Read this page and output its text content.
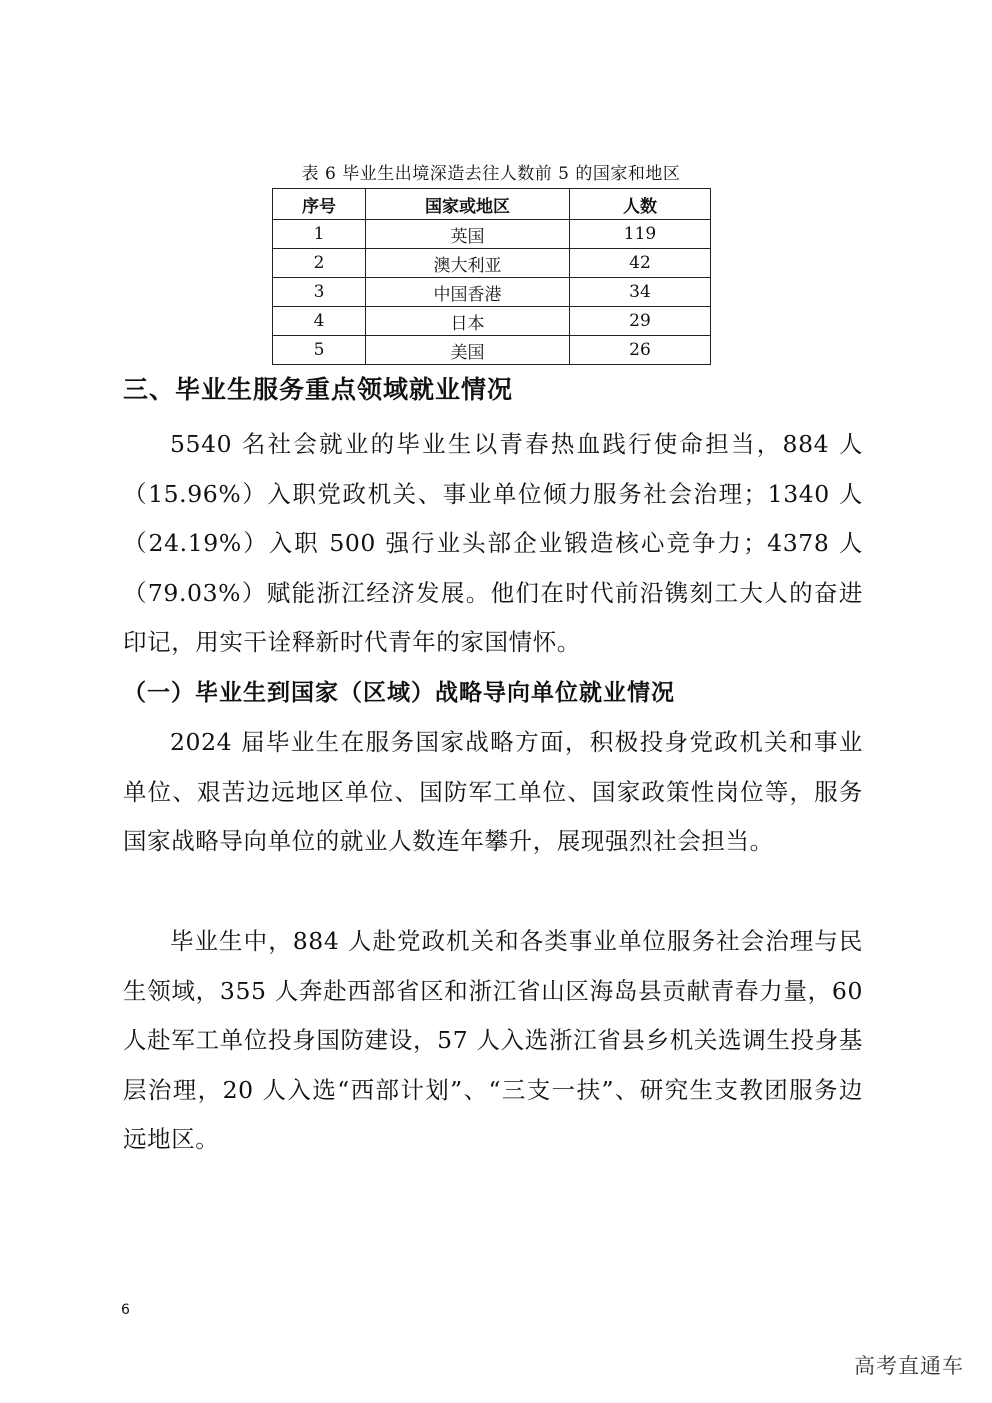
表 6 毕业生出境深造去往人数前 5 的国家和地区
序号	国家或地区	人数
1	英国	119
2	澳大利亚	42
3	中国香港	34
4	日本	29
5	美国	26
三、毕业生服务重点领域就业情况

5540 名社会就业的毕业生以青春热血践行使命担当，884 人（15.96%）入职党政机关、事业单位倾力服务社会治理；1340 人（24.19%）入职 500 强行业头部企业锻造核心竞争力；4378 人（79.03%）赋能浙江经济发展。他们在时代前沿镌刻工大人的奋进印记，用实干诠释新时代青年的家国情怀。

（一）毕业生到国家（区域）战略导向单位就业情况

2024 届毕业生在服务国家战略方面，积极投身党政机关和事业单位、艰苦边远地区单位、国防军工单位、国家政策性岗位等，服务国家战略导向单位的就业人数连年攀升，展现强烈社会担当。

毕业生中，884 人赴党政机关和各类事业单位服务社会治理与民生领域，355 人奔赴西部省区和浙江省山区海岛县贡献青春力量，60 人赴军工单位投身国防建设，57 人入选浙江省县乡机关选调生投身基层治理，20 人入选“西部计划”、“三支一扶”、研究生支教团服务边远地区。

6
高考直通车
